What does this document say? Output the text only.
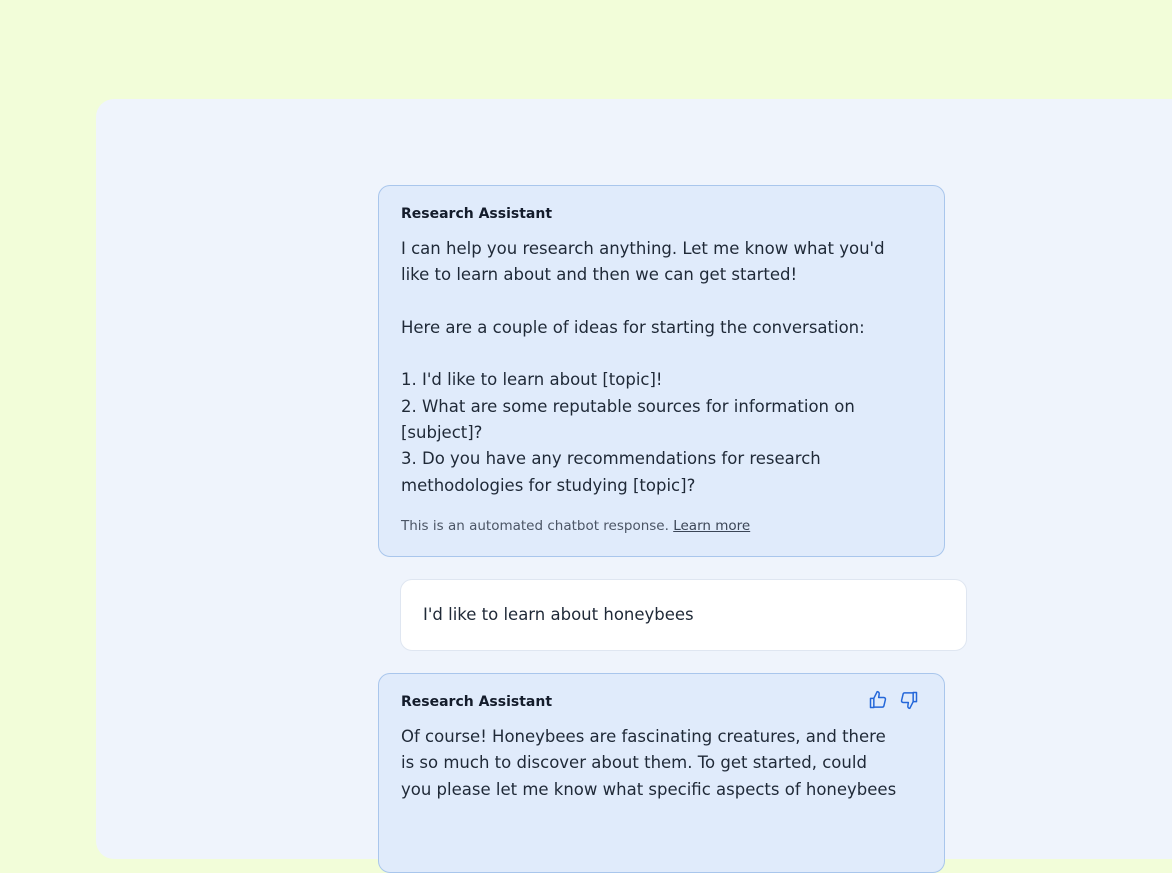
Research Assistant

I can help you research anything. Let me know what you'd

like to learn about and then we can get started!

Here are a couple of ideas for starting the conversation:

1. I'd like to learn about [topic]!

2. What are some reputable sources for information on [subject]?

3. Do you have any recommendations for research methodologies for studying [topic]?

This is an automated chatbot response. Learn more
I'd like to learn about honeybees
Research Assistant

Of course! Honeybees are fascinating creatures, and there is so much to discover about them. To get started, could you please let me know what specific aspects of honeybees
